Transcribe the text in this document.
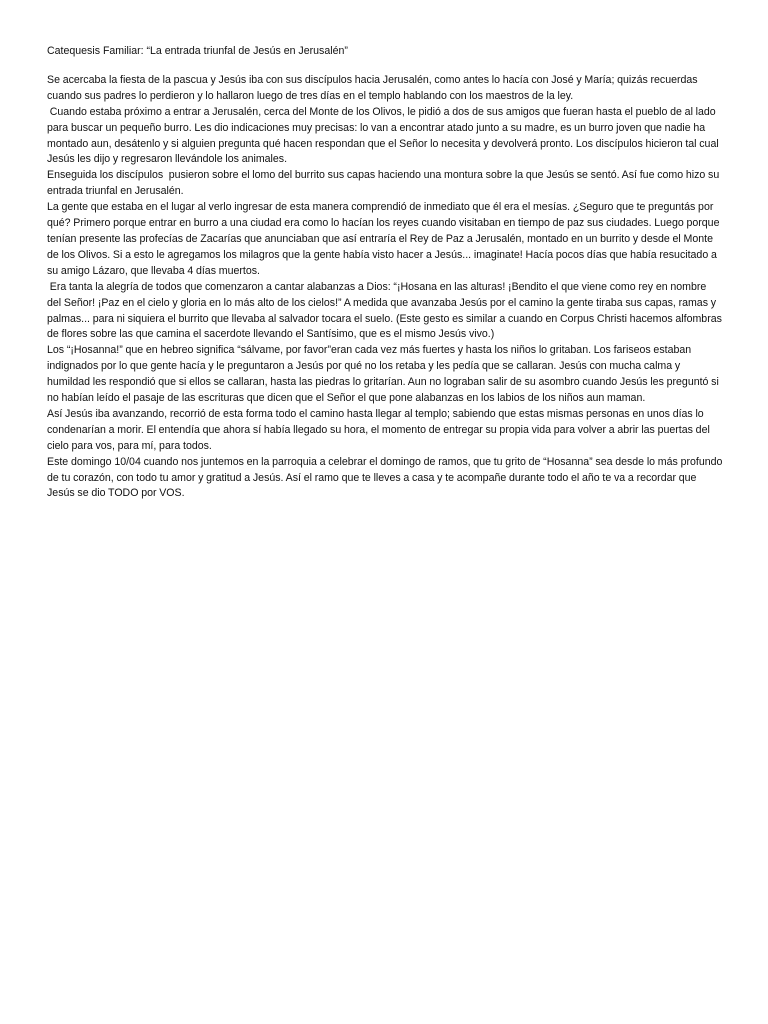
Catequesis Familiar: “La entrada triunfal de Jesús en Jerusalén”

Se acercaba la fiesta de la pascua y Jesús iba con sus discípulos hacia Jerusalén, como antes lo hacía con José y María; quizás recuerdas cuando sus padres lo perdieron y lo hallaron luego de tres días en el templo hablando con los maestros de la ley.

Cuando estaba próximo a entrar a Jerusalén, cerca del Monte de los Olivos, le pidió a dos de sus amigos que fueran hasta el pueblo de al lado para buscar un pequeño burro. Les dio indicaciones muy precisas: lo van a encontrar atado junto a su madre, es un burro joven que nadie ha montado aun, desátenlo y si alguien pregunta qué hacen respondan que el Señor lo necesita y devolverá pronto. Los discípulos hicieron tal cual Jesús les dijo y regresaron llevándole los animales.

Enseguida los discípulos  pusieron sobre el lomo del burrito sus capas haciendo una montura sobre la que Jesús se sentó. Así fue como hizo su entrada triunfal en Jerusalén.

La gente que estaba en el lugar al verlo ingresar de esta manera comprendió de inmediato que él era el mesías. ¿Seguro que te preguntás por qué? Primero porque entrar en burro a una ciudad era como lo hacían los reyes cuando visitaban en tiempo de paz sus ciudades. Luego porque tenían presente las profecías de Zacarías que anunciaban que así entraría el Rey de Paz a Jerusalén, montado en un burrito y desde el Monte de los Olivos. Si a esto le agregamos los milagros que la gente había visto hacer a Jesús... imaginate! Hacía pocos días que había resucitado a su amigo Lázaro, que llevaba 4 días muertos.

Era tanta la alegría de todos que comenzaron a cantar alabanzas a Dios: “¡Hosana en las alturas! ¡Bendito el que viene como rey en nombre del Señor! ¡Paz en el cielo y gloria en lo más alto de los cielos!” A medida que avanzaba Jesús por el camino la gente tiraba sus capas, ramas y palmas... para ni siquiera el burrito que llevaba al salvador tocara el suelo. (Este gesto es similar a cuando en Corpus Christi hacemos alfombras de flores sobre las que camina el sacerdote llevando el Santísimo, que es el mismo Jesús vivo.)

Los “¡Hosanna!” que en hebreo significa “sálvame, por favor”eran cada vez más fuertes y hasta los niños lo gritaban. Los fariseos estaban indignados por lo que gente hacía y le preguntaron a Jesús por qué no los retaba y les pedía que se callaran. Jesús con mucha calma y humildad les respondió que si ellos se callaran, hasta las piedras lo gritarían. Aun no lograban salir de su asombro cuando Jesús les preguntó si no habían leído el pasaje de las escrituras que dicen que el Señor el que pone alabanzas en los labios de los niños aun maman.

Así Jesús iba avanzando, recorrió de esta forma todo el camino hasta llegar al templo; sabiendo que estas mismas personas en unos días lo condenarían a morir. El entendía que ahora sí había llegado su hora, el momento de entregar su propia vida para volver a abrir las puertas del cielo para vos, para mí, para todos.

Este domingo 10/04 cuando nos juntemos en la parroquia a celebrar el domingo de ramos, que tu grito de “Hosanna” sea desde lo más profundo de tu corazón, con todo tu amor y gratitud a Jesús. Así el ramo que te lleves a casa y te acompañe durante todo el año te va a recordar que Jesús se dio TODO por VOS.
